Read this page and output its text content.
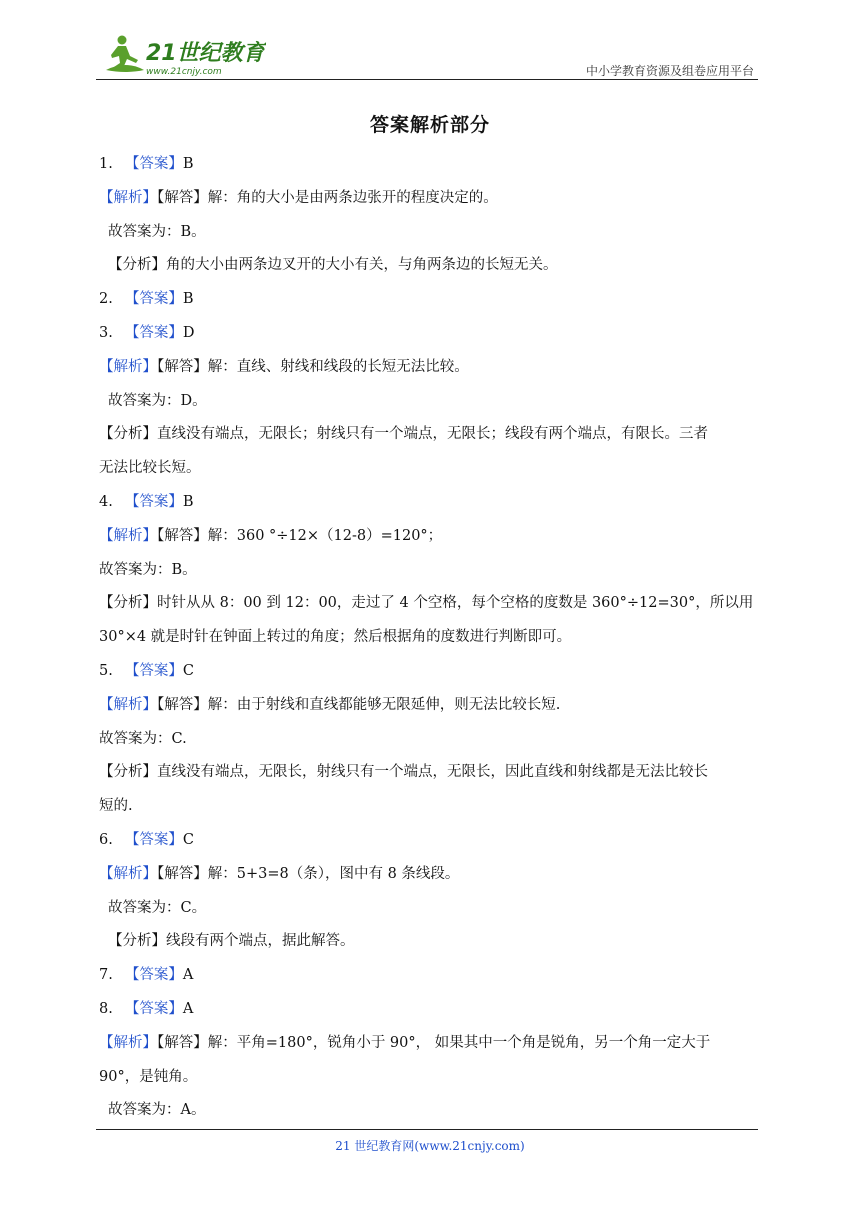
21世纪教育
www.21cnjy.com	中小学教育资源及组卷应用平台
答案解析部分
1. 【答案】B
【解析】【解答】解：角的大小是由两条边张开的程度决定的。
故答案为：B。
【分析】角的大小由两条边叉开的大小有关，与角两条边的长短无关。
2. 【答案】B
3. 【答案】D
【解析】【解答】解：直线、射线和线段的长短无法比较。
故答案为：D。
【分析】直线没有端点，无限长；射线只有一个端点，无限长；线段有两个端点，有限长。三者
无法比较长短。
4. 【答案】B
【解析】【解答】解：360 °÷12×（12-8）=120°；
故答案为：B。
【分析】时针从从 8：00 到 12：00，走过了 4 个空格，每个空格的度数是 360°÷12=30°，所以用
30°×4 就是时针在钟面上转过的角度；然后根据角的度数进行判断即可。
5. 【答案】C
【解析】【解答】解：由于射线和直线都能够无限延伸，则无法比较长短.
故答案为：C.
【分析】直线没有端点，无限长，射线只有一个端点，无限长，因此直线和射线都是无法比较长
短的.
6. 【答案】C
【解析】【解答】解：5+3=8（条），图中有 8 条线段。
故答案为：C。
【分析】线段有两个端点，据此解答。
7. 【答案】A
8. 【答案】A
【解析】【解答】解：平角=180°，锐角小于 90°， 如果其中一个角是锐角，另一个角一定大于
90°，是钝角。
故答案为：A。
21 世纪教育网(www.21cnjy.com)
